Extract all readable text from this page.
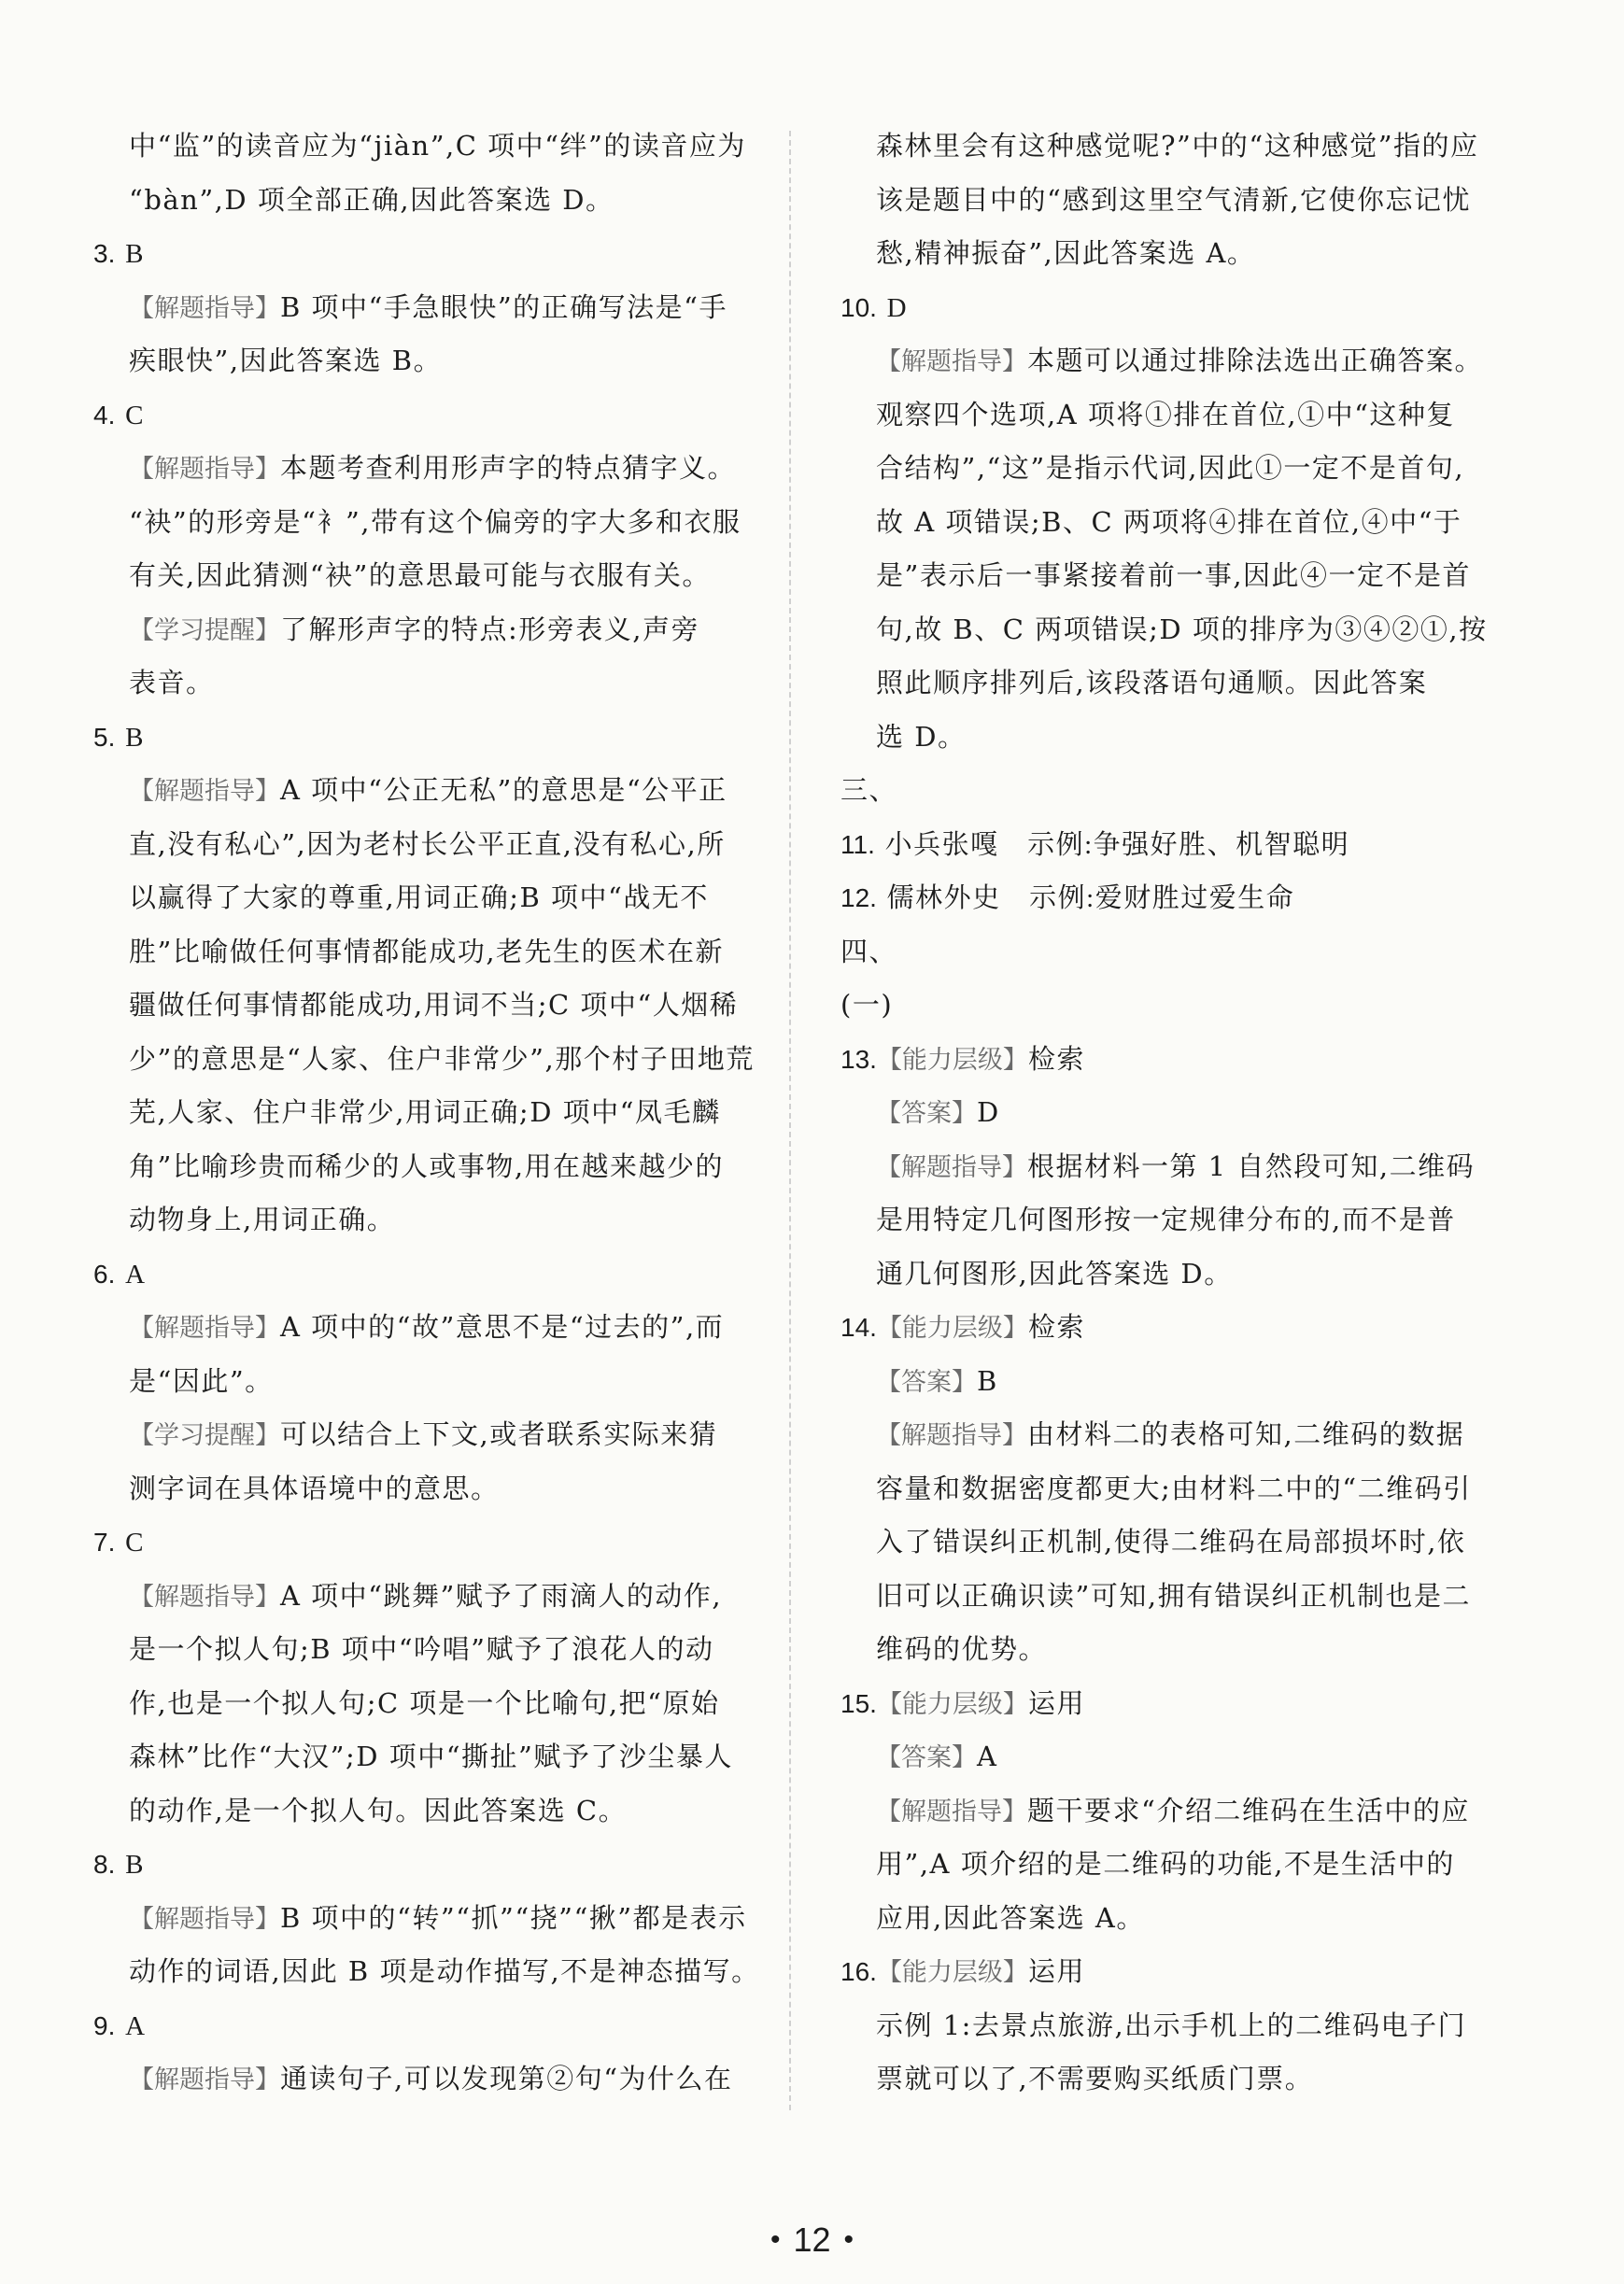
中“监”的读音应为“jiàn”,C 项中“绊”的读音应为
“bàn”,D 项全部正确,因此答案选 D。
3. B
【解题指导】B 项中“手急眼快”的正确写法是“手
疾眼快”,因此答案选 B。
4. C
【解题指导】本题考查利用形声字的特点猜字义。
“袂”的形旁是“衤”,带有这个偏旁的字大多和衣服
有关,因此猜测“袂”的意思最可能与衣服有关。
【学习提醒】了解形声字的特点:形旁表义,声旁
表音。
5. B
【解题指导】A 项中“公正无私”的意思是“公平正
直,没有私心”,因为老村长公平正直,没有私心,所
以赢得了大家的尊重,用词正确;B 项中“战无不
胜”比喻做任何事情都能成功,老先生的医术在新
疆做任何事情都能成功,用词不当;C 项中“人烟稀
少”的意思是“人家、住户非常少”,那个村子田地荒
芜,人家、住户非常少,用词正确;D 项中“凤毛麟
角”比喻珍贵而稀少的人或事物,用在越来越少的
动物身上,用词正确。
6. A
【解题指导】A 项中的“故”意思不是“过去的”,而
是“因此”。
【学习提醒】可以结合上下文,或者联系实际来猜
测字词在具体语境中的意思。
7. C
【解题指导】A 项中“跳舞”赋予了雨滴人的动作,
是一个拟人句;B 项中“吟唱”赋予了浪花人的动
作,也是一个拟人句;C 项是一个比喻句,把“原始
森林”比作“大汉”;D 项中“撕扯”赋予了沙尘暴人
的动作,是一个拟人句。因此答案选 C。
8. B
【解题指导】B 项中的“转”“抓”“挠”“揪”都是表示
动作的词语,因此 B 项是动作描写,不是神态描写。
9. A
【解题指导】通读句子,可以发现第②句“为什么在
森林里会有这种感觉呢?”中的“这种感觉”指的应
该是题目中的“感到这里空气清新,它使你忘记忧
愁,精神振奋”,因此答案选 A。
10. D
【解题指导】本题可以通过排除法选出正确答案。
观察四个选项,A 项将①排在首位,①中“这种复
合结构”,“这”是指示代词,因此①一定不是首句,
故 A 项错误;B、C 两项将④排在首位,④中“于
是”表示后一事紧接着前一事,因此④一定不是首
句,故 B、C 两项错误;D 项的排序为③④②①,按
照此顺序排列后,该段落语句通顺。因此答案
选 D。
三、
11. 小兵张嘎　示例:争强好胜、机智聪明
12. 儒林外史　示例:爱财胜过爱生命
四、
(一)
13.【能力层级】检索
【答案】D
【解题指导】根据材料一第 1 自然段可知,二维码
是用特定几何图形按一定规律分布的,而不是普
通几何图形,因此答案选 D。
14.【能力层级】检索
【答案】B
【解题指导】由材料二的表格可知,二维码的数据
容量和数据密度都更大;由材料二中的“二维码引
入了错误纠正机制,使得二维码在局部损坏时,依
旧可以正确识读”可知,拥有错误纠正机制也是二
维码的优势。
15.【能力层级】运用
【答案】A
【解题指导】题干要求“介绍二维码在生活中的应
用”,A 项介绍的是二维码的功能,不是生活中的
应用,因此答案选 A。
16.【能力层级】运用
示例 1:去景点旅游,出示手机上的二维码电子门
票就可以了,不需要购买纸质门票。
• 12 •
